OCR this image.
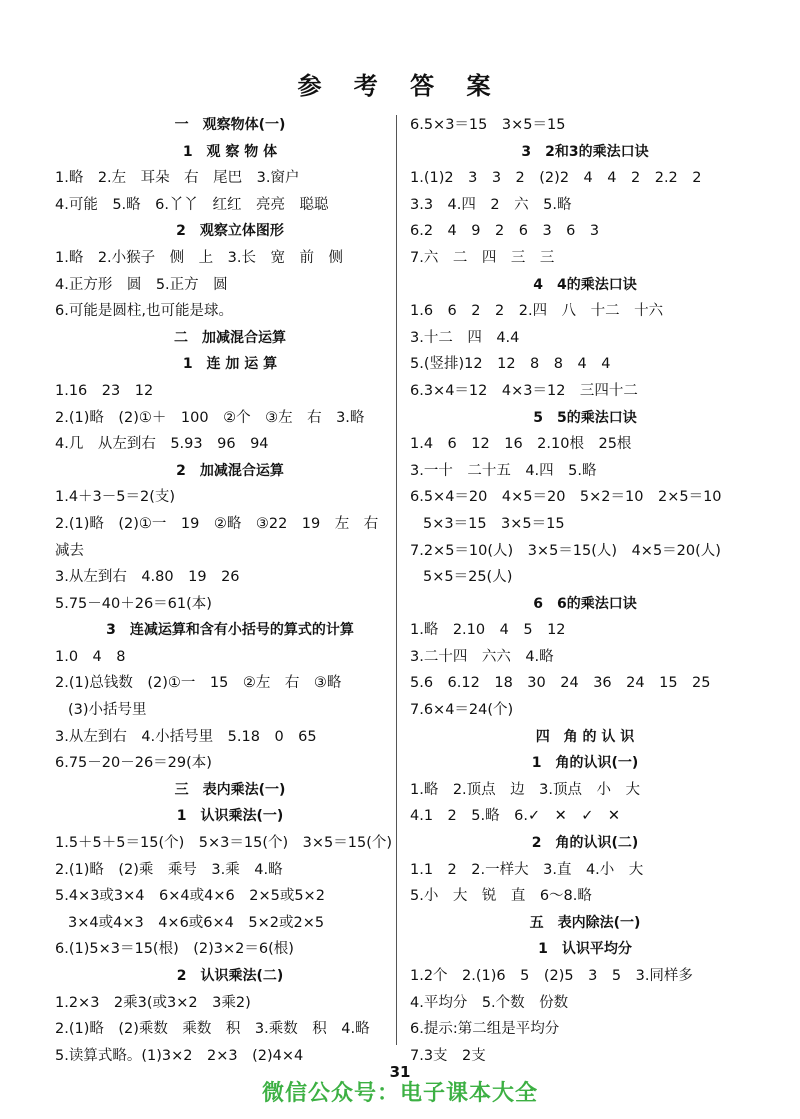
参 考 答 案
一　观察物体(一)
1　观 察 物 体
1.略　2.左　耳朵　右　尾巴　3.窗户
4.可能　5.略　6.丫丫　红红　亮亮　聪聪
2　观察立体图形
1.略　2.小猴子　侧　上　3.长　宽　前　侧
4.正方形　圆　5.正方　圆
6.可能是圆柱,也可能是球。
二　加减混合运算
1　连 加 运 算
1.16　23　12
2.(1)略　(2)①＋　100　②个　③左　右　3.略
4.几　从左到右　5.93　96　94
2　加减混合运算
1.4＋3－5＝2(支)
2.(1)略　(2)①一　19　②略　③22　19　左　右
减去
3.从左到右　4.80　19　26
5.75－40＋26＝61(本)
3　连减运算和含有小括号的算式的计算
1.0　4　8
2.(1)总钱数　(2)①一　15　②左　右　③略
(3)小括号里
3.从左到右　4.小括号里　5.18　0　65
6.75－20－26＝29(本)
三　表内乘法(一)
1　认识乘法(一)
1.5＋5＋5＝15(个)　5×3＝15(个)　3×5＝15(个)
2.(1)略　(2)乘　乘号　3.乘　4.略
5.4×3或3×4　6×4或4×6　2×5或5×2
3×4或4×3　4×6或6×4　5×2或2×5
6.(1)5×3＝15(根)　(2)3×2＝6(根)
2　认识乘法(二)
1.2×3　2乘3(或3×2　3乘2)
2.(1)略　(2)乘数　乘数　积　3.乘数　积　4.略
5.读算式略。(1)3×2　2×3　(2)4×4
6.5×3＝15　3×5＝15
3　2和3的乘法口诀
1.(1)2　3　3　2　(2)2　4　4　2　2.2　2
3.3　4.四　2　六　5.略
6.2　4　9　2　6　3　6　3
7.六　二　四　三　三
4　4的乘法口诀
1.6　6　2　2　2.四　八　十二　十六
3.十二　四　4.4
5.(竖排)12　12　8　8　4　4
6.3×4＝12　4×3＝12　三四十二
5　5的乘法口诀
1.4　6　12　16　2.10根　25根
3.一十　二十五　4.四　5.略
6.5×4＝20　4×5＝20　5×2＝10　2×5＝10
5×3＝15　3×5＝15
7.2×5＝10(人)　3×5＝15(人)　4×5＝20(人)
5×5＝25(人)
6　6的乘法口诀
1.略　2.10　4　5　12
3.二十四　六六　4.略
5.6　6.12　18　30　24　36　24　15　25
7.6×4＝24(个)
四　角 的 认 识
1　角的认识(一)
1.略　2.顶点　边　3.顶点　小　大
4.1　2　5.略　6.✓　✕　✓　✕
2　角的认识(二)
1.1　2　2.一样大　3.直　4.小　大
5.小　大　锐　直　6～8.略
五　表内除法(一)
1　认识平均分
1.2个　2.(1)6　5　(2)5　3　5　3.同样多
4.平均分　5.个数　份数
6.提示:第二组是平均分
7.3支　2支
31
微信公众号：电子课本大全
